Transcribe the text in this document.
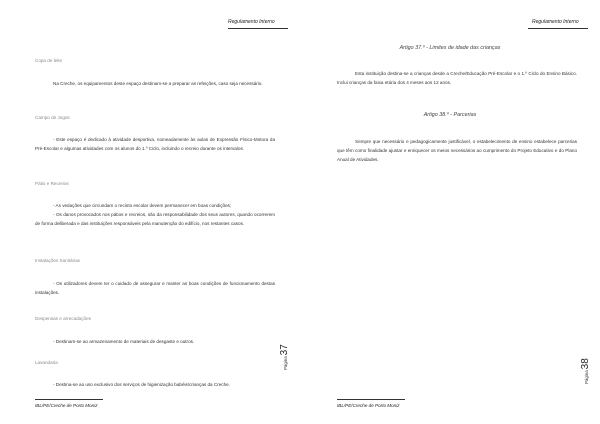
Regulamento Interno
Copa de leite
Na Creche, os equipamentos deste espaço destinam-se a preparar as refeições, caso seja necessário.
Campo de Jogos
- Este espaço é dedicado à atividade desportiva, nomeadamente às aulas de Expressão Físico-Motora da Pré-Escolar e algumas atividades com os alunos do 1.º Ciclo, incluindo o recreio durante os intervalos.
Pátio e Recreios
- As vedações que circundam o recinto escolar devem permanecer em boas condições;
- Os danos provocados nos pátios e recreios, são da responsabilidade dos seus autores, quando ocorrerem de forma deliberada e das instituições responsáveis pela manutenção do edifício, nos restantes casos.
Instalações Sanitárias
- Os utilizadores devem ter o cuidado de assegurar e manter as boas condições de funcionamento destas instalações.
Despensas e arrecadações
- Destinam-se ao armazenamento de materiais de desgaste e outros.
Lavandaria
- Destina-se ao uso exclusivo dos serviços de higienização babéis/crianças da Creche.
Página
37
IBL/PE/Creche de Porto Moniz
Regulamento Interno
Artigo 37.º - Limites de idade das crianças
Esta instituição destina-se a crianças desde a Creche/Educação Pré-Escolar e o 1.º Ciclo do Ensino Básico. Inclui crianças da faixa etária dos 4 meses aos 12 anos.
Artigo 38.º - Parcerias
Sempre que necessário e pedagogicamente justificável, o estabelecimento de ensino estabelece parcerias que têm como finalidade ajustar e enriquecer os meios necessários ao cumprimento do Projeto Educativo e do Plano Anual de Atividades.
Página
38
IBL/PE/Creche de Porto Moniz
